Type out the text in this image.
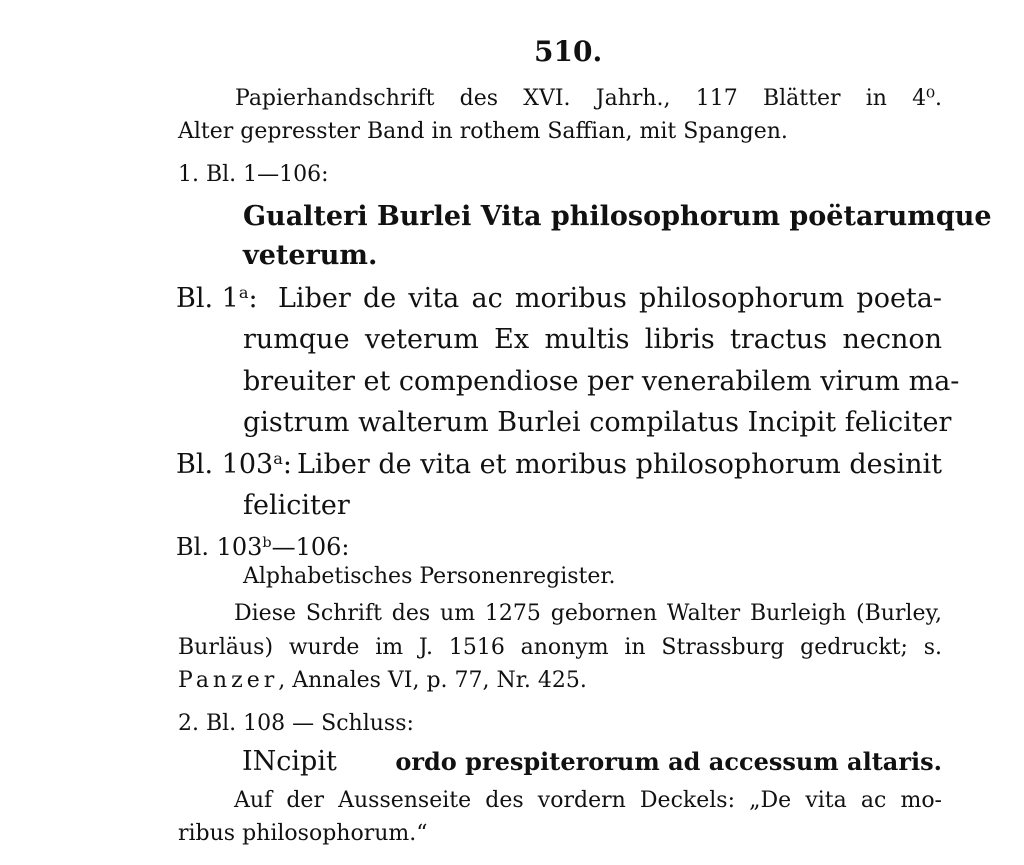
510.
Papierhandschrift des XVI. Jahrh., 117 Blätter in 4⁰.
Alter gepresster Band in rothem Saffian, mit Spangen.
1. Bl. 1—106:
Gualteri Burlei Vita philosophorum poëtarumque
veterum.
Bl. 1$^a$: Liber de vita ac moribus philosophorum poeta-
rumque veterum Ex multis libris tractus necnon
breuiter et compendiose per venerabilem virum ma-
gistrum walterum Burlei compilatus Incipit feliciter
Bl. 103$^a$: Liber de vita et moribus philosophorum desinit
feliciter
Bl. 103$^b$—106:
Alphabetisches Personenregister.
Diese Schrift des um 1275 gebornen Walter Burleigh (Burley,
Burläus) wurde im J. 1516 anonym in Strassburg gedruckt; s.
Panzer, Annales VI, p. 77, Nr. 425.
2. Bl. 108 — Schluss:
INcipit ordo prespiterorum ad accessum altaris.
Auf der Aussenseite des vordern Deckels: „De vita ac mo-
ribus philosophorum.“
